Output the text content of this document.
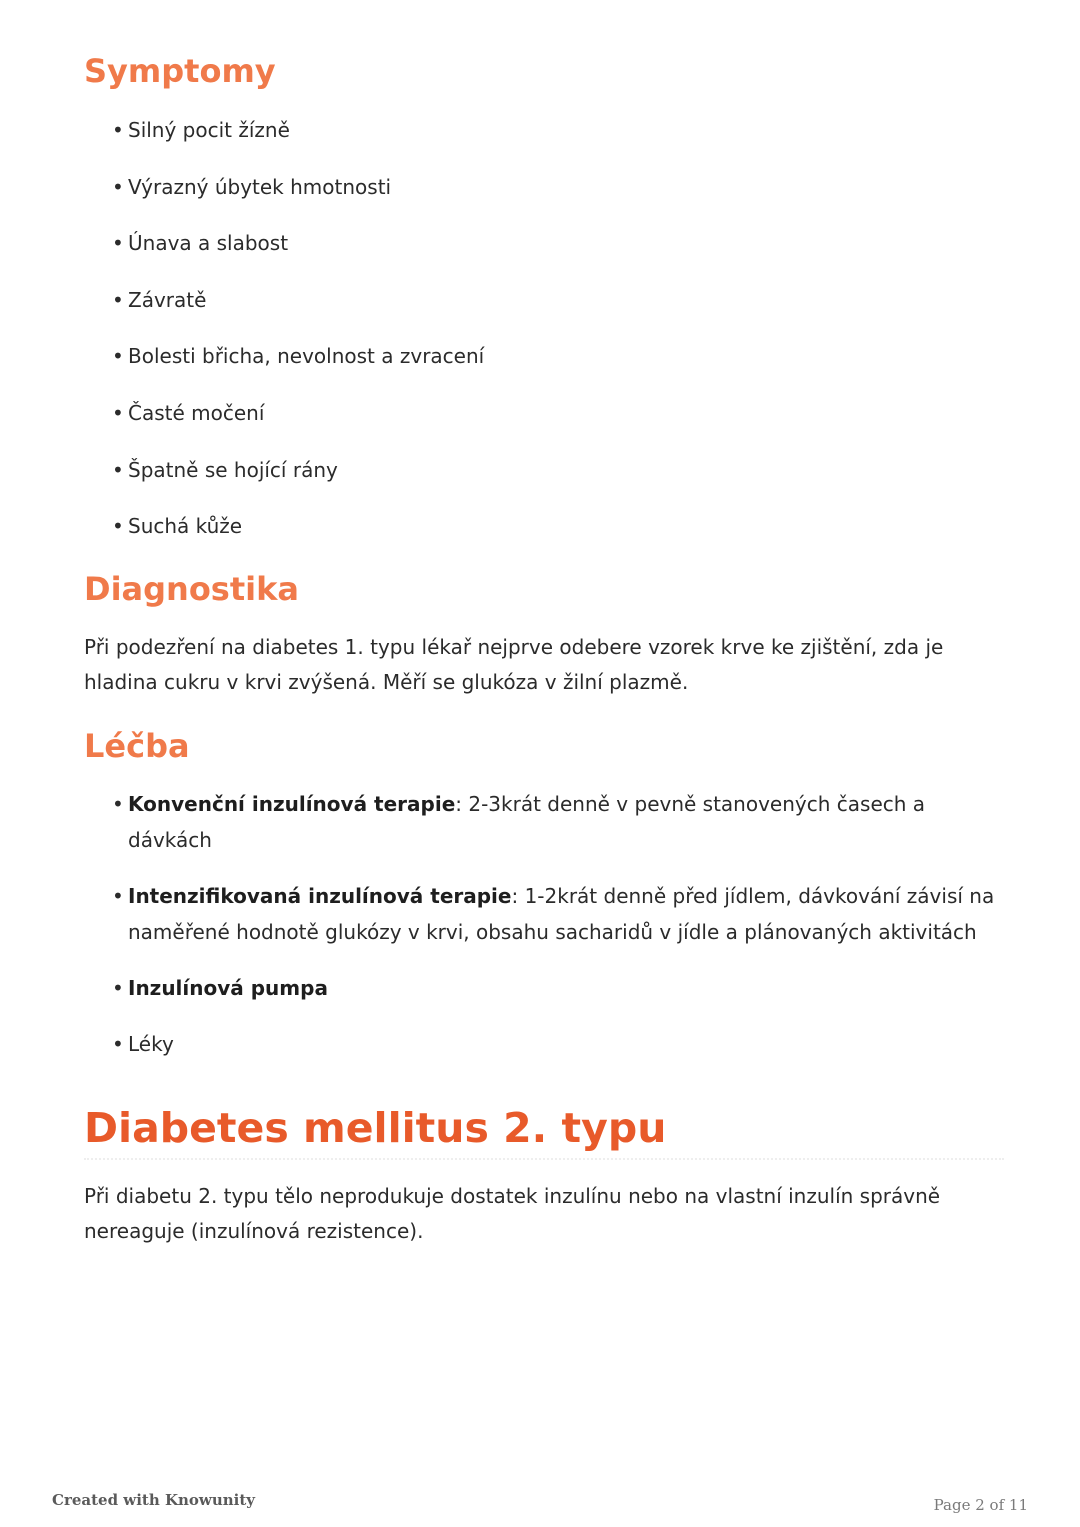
Symptomy
• Silný pocit žízně
• Výrazný úbytek hmotnosti
• Únava a slabost
• Závratě
• Bolesti břicha, nevolnost a zvracení
• Časté močení
• Špatně se hojící rány
• Suchá kůže
Diagnostika

Při podezření na diabetes 1. typu lékař nejprve odebere vzorek krve ke zjištění, zda je hladina cukru v krvi zvýšená. Měří se glukóza v žilní plazmě.

Léčba
• Konvenční inzulínová terapie: 2-3krát denně v pevně stanovených časech a dávkách
• Intenzifikovaná inzulínová terapie: 1-2krát denně před jídlem, dávkování závisí na naměřené hodnotě glukózy v krvi, obsahu sacharidů v jídle a plánovaných aktivitách
• Inzulínová pumpa
• Léky
Diabetes mellitus 2. typu

Při diabetu 2. typu tělo neprodukuje dostatek inzulínu nebo na vlastní inzulín správně nereaguje (inzulínová rezistence).

Created with Knowunity	Page 2 of 11
